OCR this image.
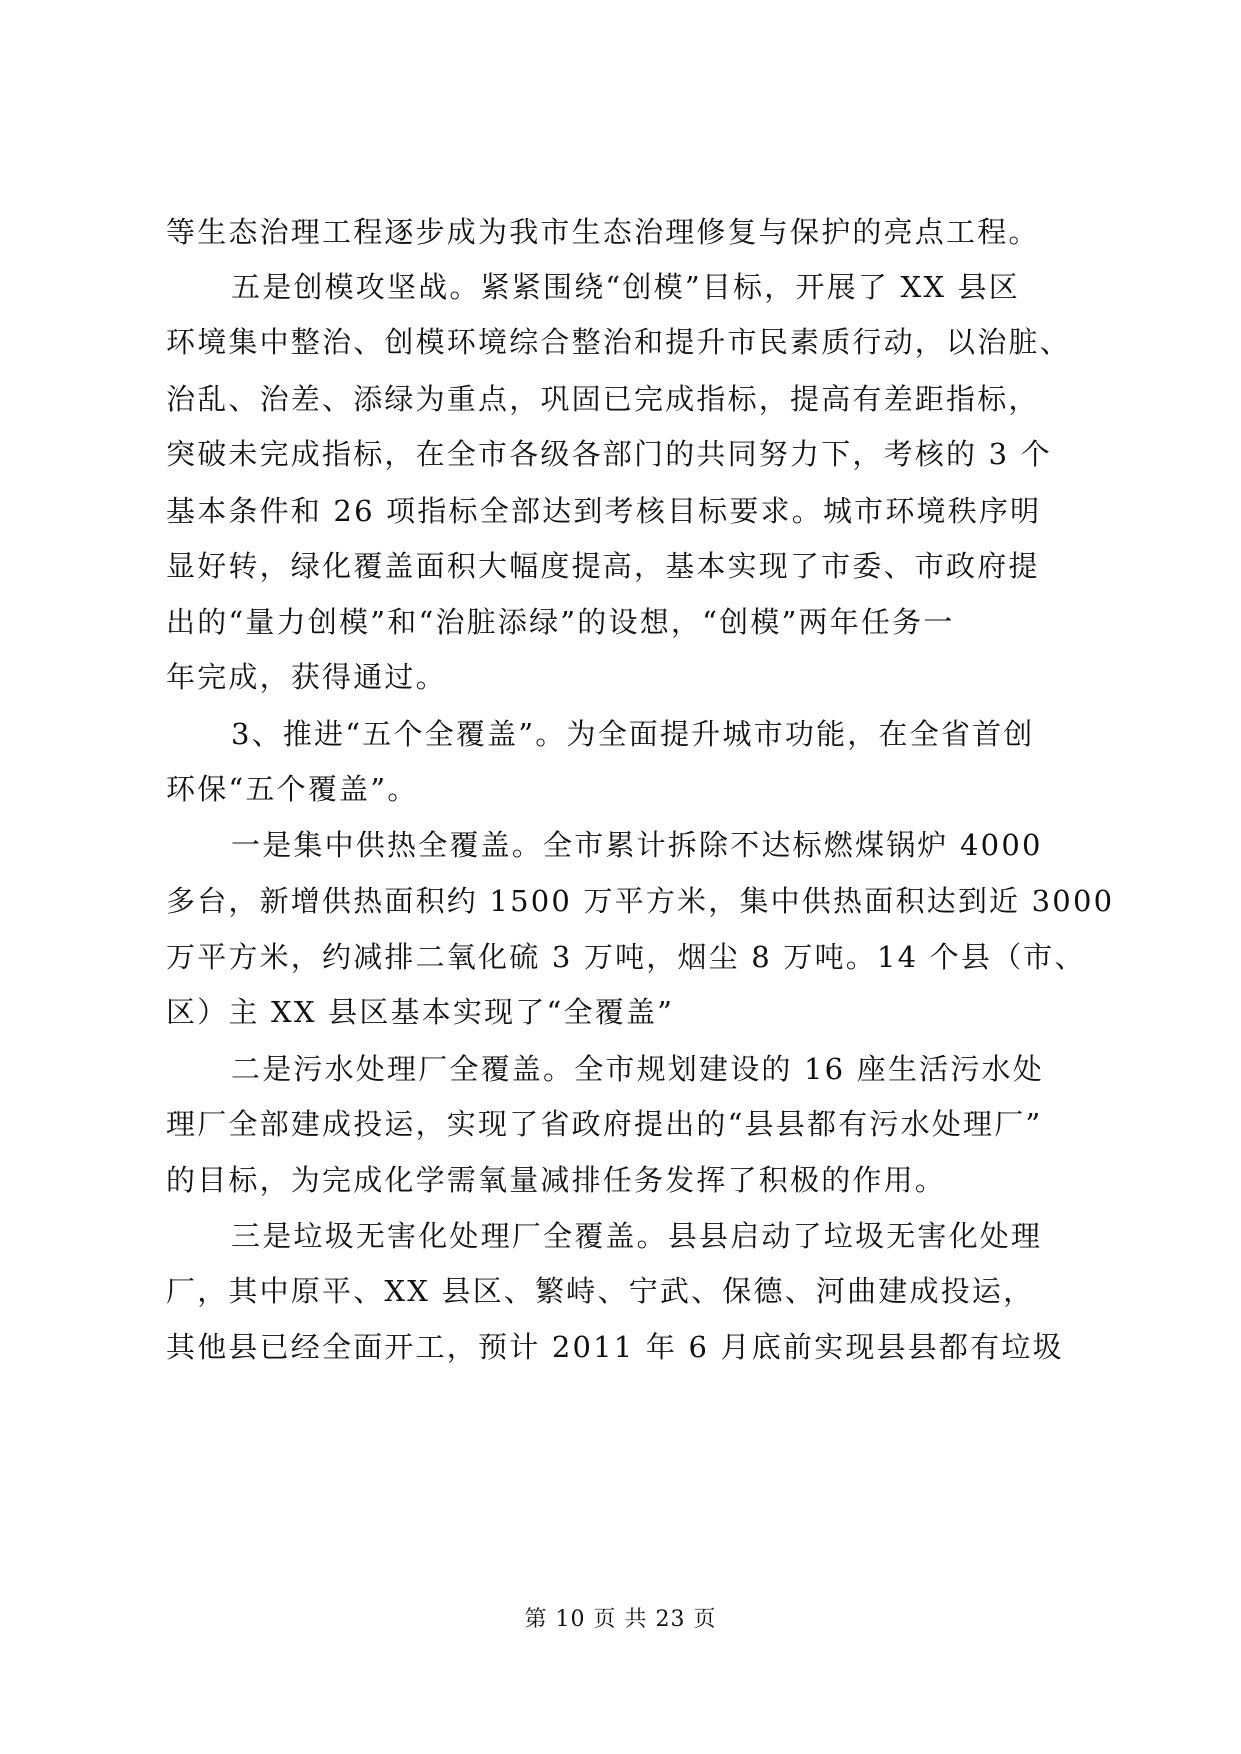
等生态治理工程逐步成为我市生态治理修复与保护的亮点工程。
五是创模攻坚战。紧紧围绕“创模”目标，开展了 XX 县区
环境集中整治、创模环境综合整治和提升市民素质行动，以治脏、
治乱、治差、添绿为重点，巩固已完成指标，提高有差距指标，
突破未完成指标，在全市各级各部门的共同努力下，考核的 3 个
基本条件和 26 项指标全部达到考核目标要求。城市环境秩序明
显好转，绿化覆盖面积大幅度提高，基本实现了市委、市政府提
出的“量力创模”和“治脏添绿”的设想，“创模”两年任务一
年完成，获得通过。
3、推进“五个全覆盖”。为全面提升城市功能，在全省首创
环保“五个覆盖”。
一是集中供热全覆盖。全市累计拆除不达标燃煤锅炉 4000
多台，新增供热面积约 1500 万平方米，集中供热面积达到近 3000
万平方米，约减排二氧化硫 3 万吨，烟尘 8 万吨。14 个县（市、
区）主 XX 县区基本实现了“全覆盖”
二是污水处理厂全覆盖。全市规划建设的 16 座生活污水处
理厂全部建成投运，实现了省政府提出的“县县都有污水处理厂”
的目标，为完成化学需氧量减排任务发挥了积极的作用。
三是垃圾无害化处理厂全覆盖。县县启动了垃圾无害化处理
厂，其中原平、XX 县区、繁峙、宁武、保德、河曲建成投运，
其他县已经全面开工，预计 2011 年 6 月底前实现县县都有垃圾
第 10 页 共 23 页
